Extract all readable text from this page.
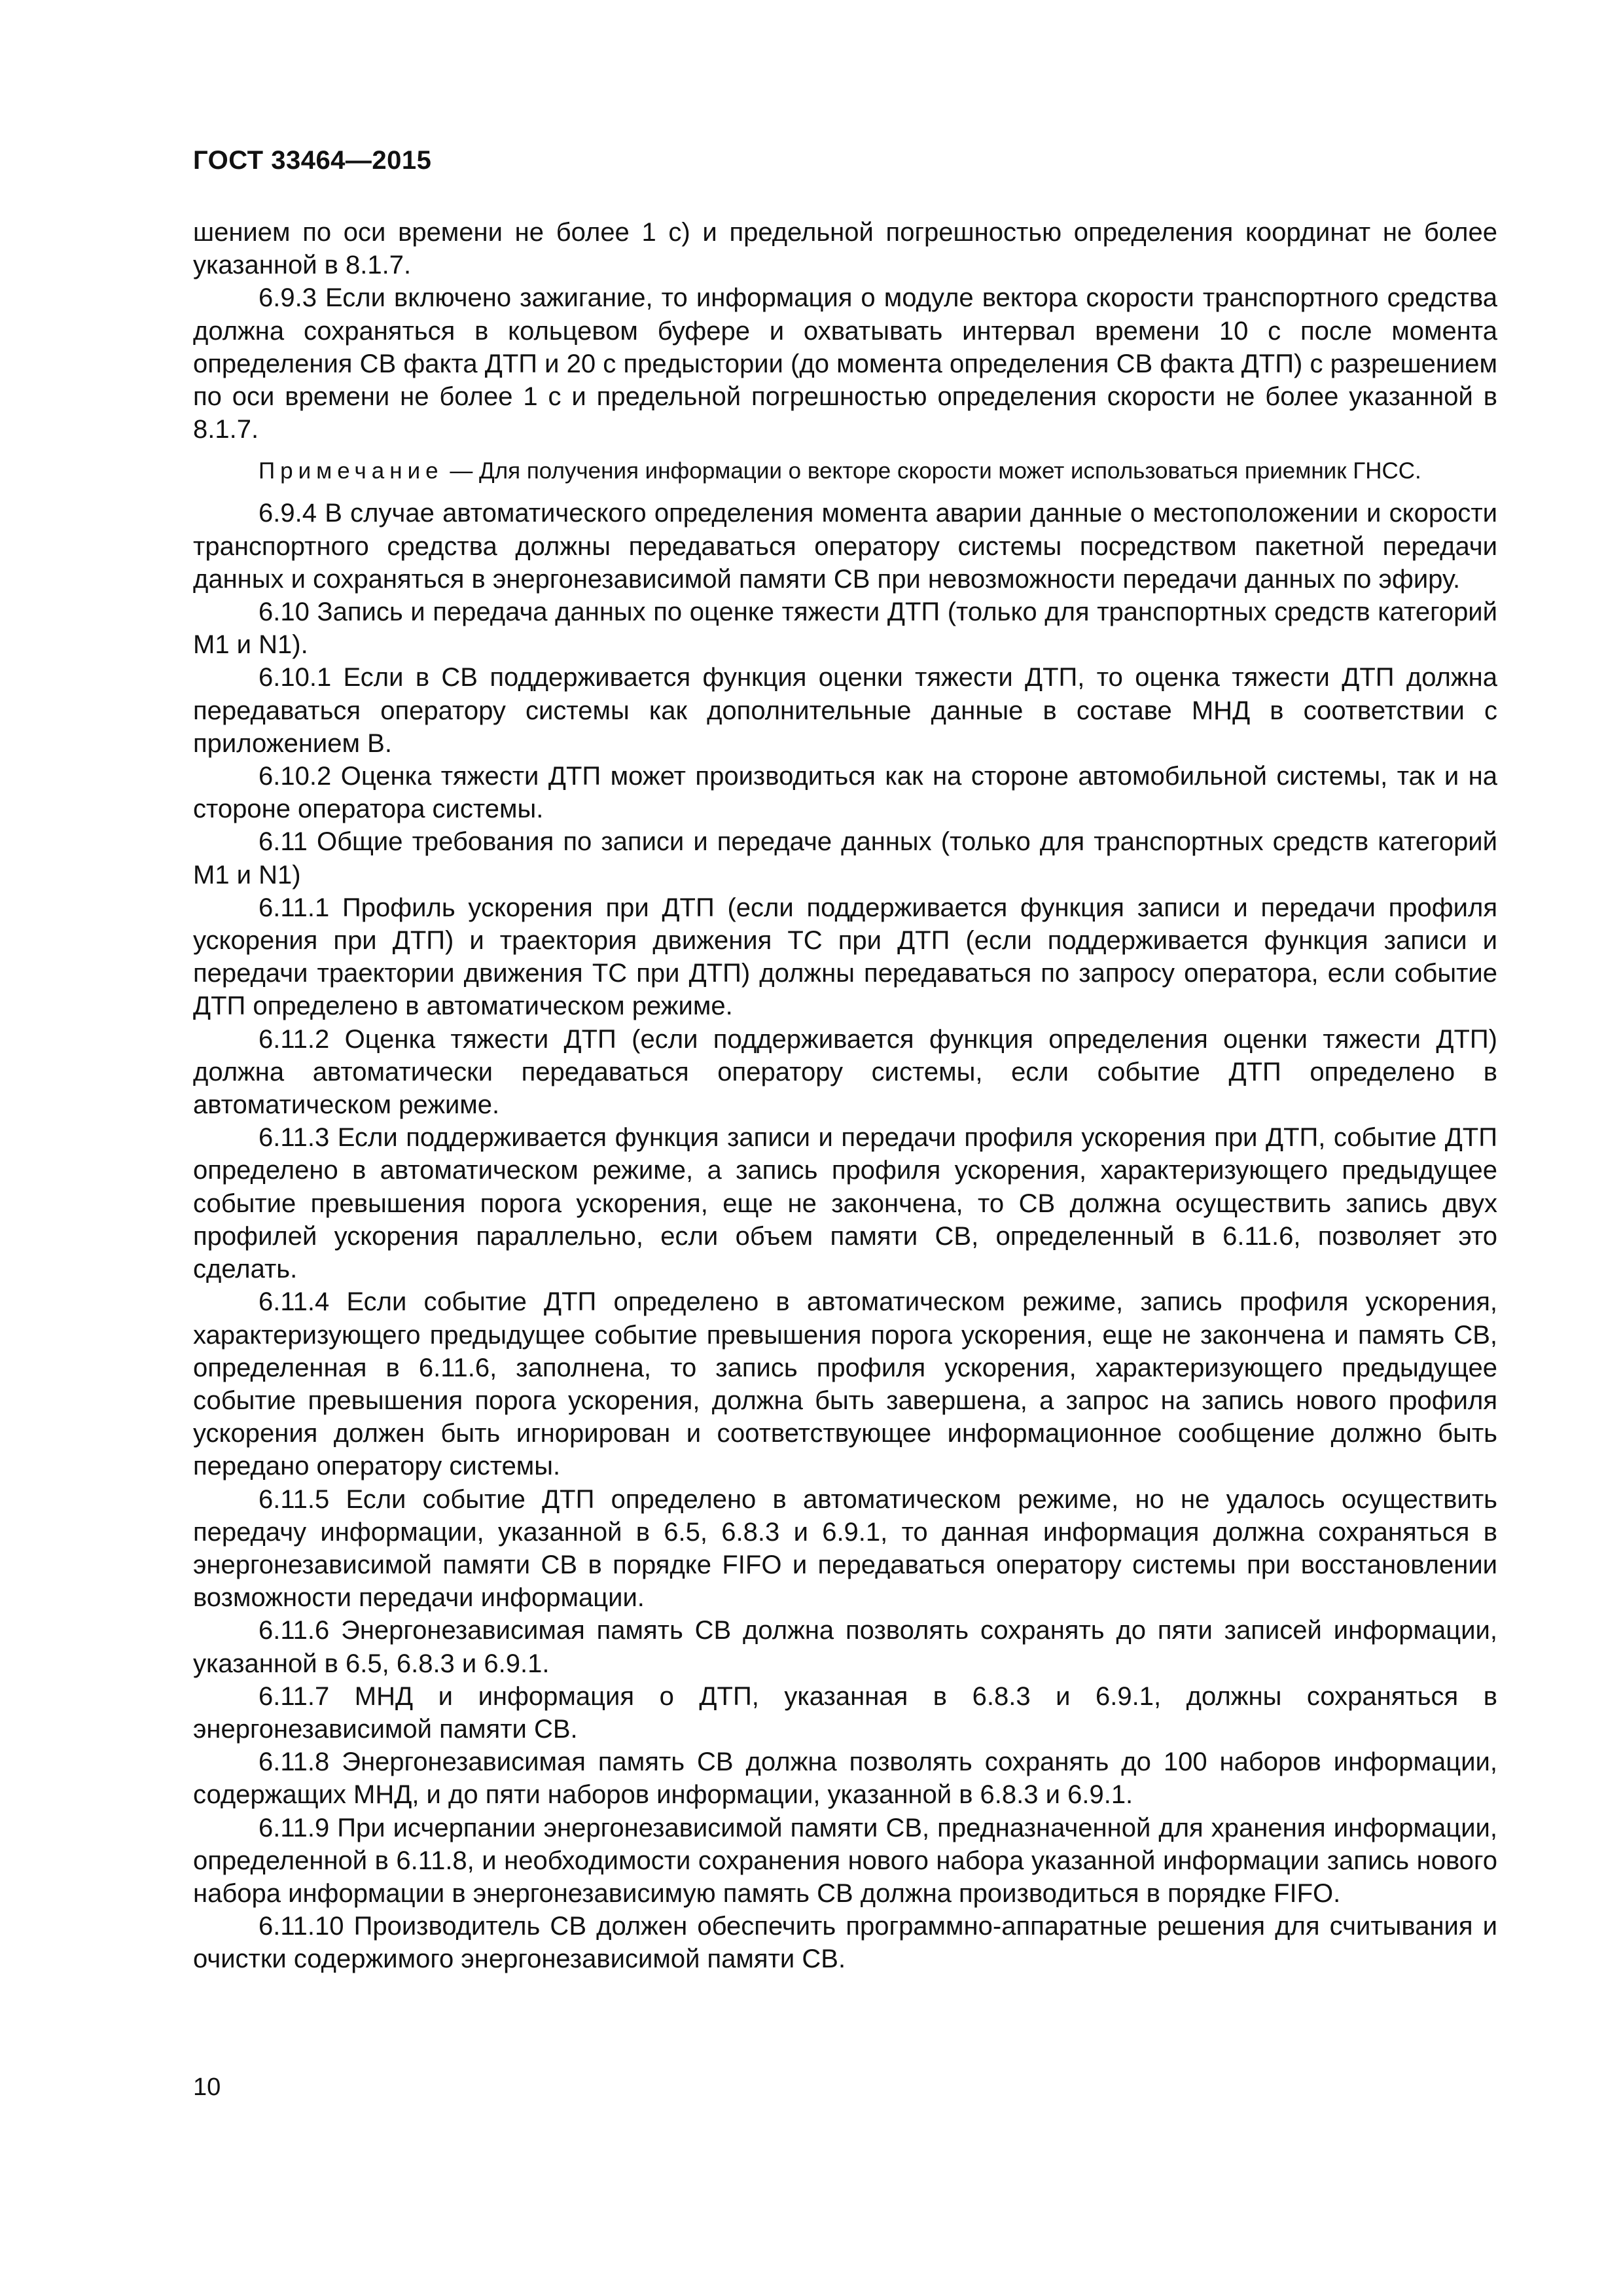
ГОСТ 33464—2015

шением по оси времени не более 1 с) и предельной погрешностью определения координат не более указанной в 8.1.7.

6.9.3 Если включено зажигание, то информация о модуле вектора скорости транспортного средства должна сохраняться в кольцевом буфере и охватывать интервал времени 10 с после момента определения СВ факта ДТП и 20 с предыстории (до момента определения СВ факта ДТП) с разрешением по оси времени не более 1 с и предельной погрешностью определения скорости не более указанной в 8.1.7.

Примечание — Для получения информации о векторе скорости может использоваться приемник ГНСС.

6.9.4 В случае автоматического определения момента аварии данные о местоположении и скорости транспортного средства должны передаваться оператору системы посредством пакетной передачи данных и сохраняться в энергонезависимой памяти СВ при невозможности передачи данных по эфиру.

6.10 Запись и передача данных по оценке тяжести ДТП (только для транспортных средств категорий М1 и N1).

6.10.1 Если в СВ поддерживается функция оценки тяжести ДТП, то оценка тяжести ДТП должна передаваться оператору системы как дополнительные данные в составе МНД в соответствии с приложением В.

6.10.2 Оценка тяжести ДТП может производиться как на стороне автомобильной системы, так и на стороне оператора системы.

6.11 Общие требования по записи и передаче данных (только для транспортных средств категорий М1 и N1)

6.11.1 Профиль ускорения при ДТП (если поддерживается функция записи и передачи профиля ускорения при ДТП) и траектория движения ТС при ДТП (если поддерживается функция записи и передачи траектории движения ТС при ДТП) должны передаваться по запросу оператора, если событие ДТП определено в автоматическом режиме.

6.11.2 Оценка тяжести ДТП (если поддерживается функция определения оценки тяжести ДТП) должна автоматически передаваться оператору системы, если событие ДТП определено в автоматическом режиме.

6.11.3 Если поддерживается функция записи и передачи профиля ускорения при ДТП, событие ДТП определено в автоматическом режиме, а запись профиля ускорения, характеризующего предыдущее событие превышения порога ускорения, еще не закончена, то СВ должна осуществить запись двух профилей ускорения параллельно, если объем памяти СВ, определенный в 6.11.6, позволяет это сделать.

6.11.4 Если событие ДТП определено в автоматическом режиме, запись профиля ускорения, характеризующего предыдущее событие превышения порога ускорения, еще не закончена и память СВ, определенная в 6.11.6, заполнена, то запись профиля ускорения, характеризующего предыдущее событие превышения порога ускорения, должна быть завершена, а запрос на запись нового профиля ускорения должен быть игнорирован и соответствующее информационное сообщение должно быть передано оператору системы.

6.11.5 Если событие ДТП определено в автоматическом режиме, но не удалось осуществить передачу информации, указанной в 6.5, 6.8.3 и 6.9.1, то данная информация должна сохраняться в энергонезависимой памяти СВ в порядке FIFO и передаваться оператору системы при восстановлении возможности передачи информации.

6.11.6 Энергонезависимая память СВ должна позволять сохранять до пяти записей информации, указанной в 6.5, 6.8.3 и 6.9.1.

6.11.7 МНД и информация о ДТП, указанная в 6.8.3 и 6.9.1, должны сохраняться в энергонезависимой памяти СВ.

6.11.8 Энергонезависимая память СВ должна позволять сохранять до 100 наборов информации, содержащих МНД, и до пяти наборов информации, указанной в 6.8.3 и 6.9.1.

6.11.9 При исчерпании энергонезависимой памяти СВ, предназначенной для хранения информации, определенной в 6.11.8, и необходимости сохранения нового набора указанной информации запись нового набора информации в энергонезависимую память СВ должна производиться в порядке FIFO.

6.11.10 Производитель СВ должен обеспечить программно-аппаратные решения для считывания и очистки содержимого энергонезависимой памяти СВ.

10
